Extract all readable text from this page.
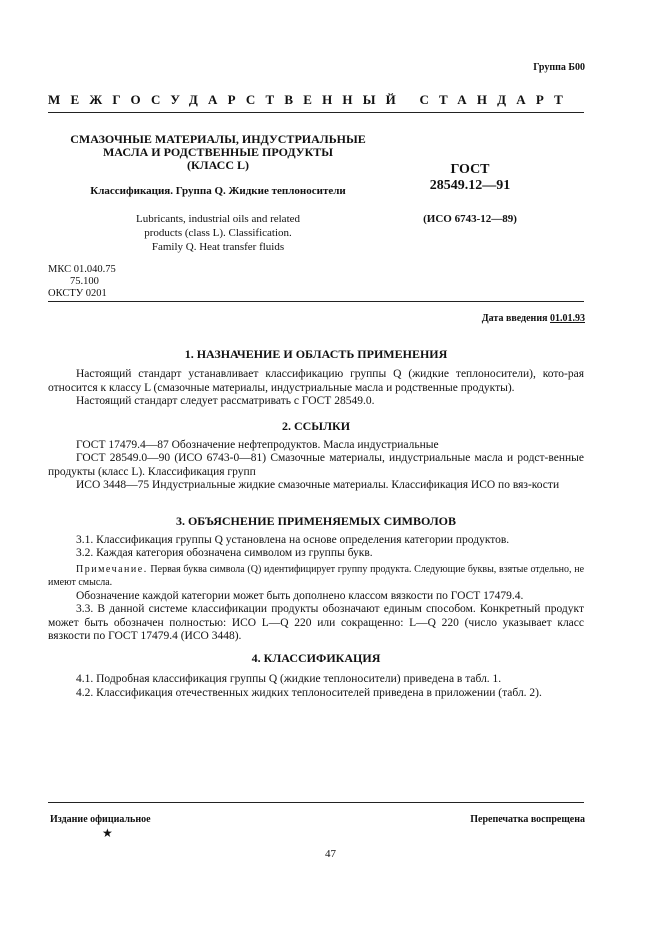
Группа Б00
МЕЖГОСУДАРСТВЕННЫЙ СТАНДАРТ
СМАЗОЧНЫЕ МАТЕРИАЛЫ, ИНДУСТРИАЛЬНЫЕ
МАСЛА И РОДСТВЕННЫЕ ПРОДУКТЫ
(КЛАСС L)
Классификация. Группа Q. Жидкие теплоносители
Lubricants, industrial oils and related
products (class L). Classification.
Family Q. Heat transfer fluids
ГОСТ
28549.12—91
(ИСО 6743-12—89)
МКС 01.040.75
75.100
ОКСТУ 0201
Дата введения 01.01.93
1. НАЗНАЧЕНИЕ И ОБЛАСТЬ ПРИМЕНЕНИЯ
Настоящий стандарт устанавливает классификацию группы Q (жидкие теплоносители), кото-рая относится к классу L (смазочные материалы, индустриальные масла и родственные продукты).
Настоящий стандарт следует рассматривать с ГОСТ 28549.0.
2. ССЫЛКИ
ГОСТ 17479.4—87 Обозначение нефтепродуктов. Масла индустриальные
ГОСТ 28549.0—90 (ИСО 6743-0—81) Смазочные материалы, индустриальные масла и родст-венные продукты (класс L). Классификация групп
ИСО 3448—75 Индустриальные жидкие смазочные материалы. Классификация ИСО по вяз-кости
3. ОБЪЯСНЕНИЕ ПРИМЕНЯЕМЫХ СИМВОЛОВ
3.1. Классификация группы Q установлена на основе определения категории продуктов.
3.2. Каждая категория обозначена символом из группы букв.
Примечание. Первая буква символа (Q) идентифицирует группу продукта. Следующие буквы, взятые отдельно, не имеют смысла.
Обозначение каждой категории может быть дополнено классом вязкости по ГОСТ 17479.4.
3.3. В данной системе классификации продукты обозначают единым способом. Конкретный продукт может быть обозначен полностью: ИСО L—Q 220 или сокращенно: L—Q 220 (число указывает класс вязкости по ГОСТ 17479.4 (ИСО 3448).
4. КЛАССИФИКАЦИЯ
4.1. Подробная классификация группы Q (жидкие теплоносители) приведена в табл. 1.
4.2. Классификация отечественных жидких теплоносителей приведена в приложении (табл. 2).
Издание официальное	Перепечатка воспрещена
★
47
